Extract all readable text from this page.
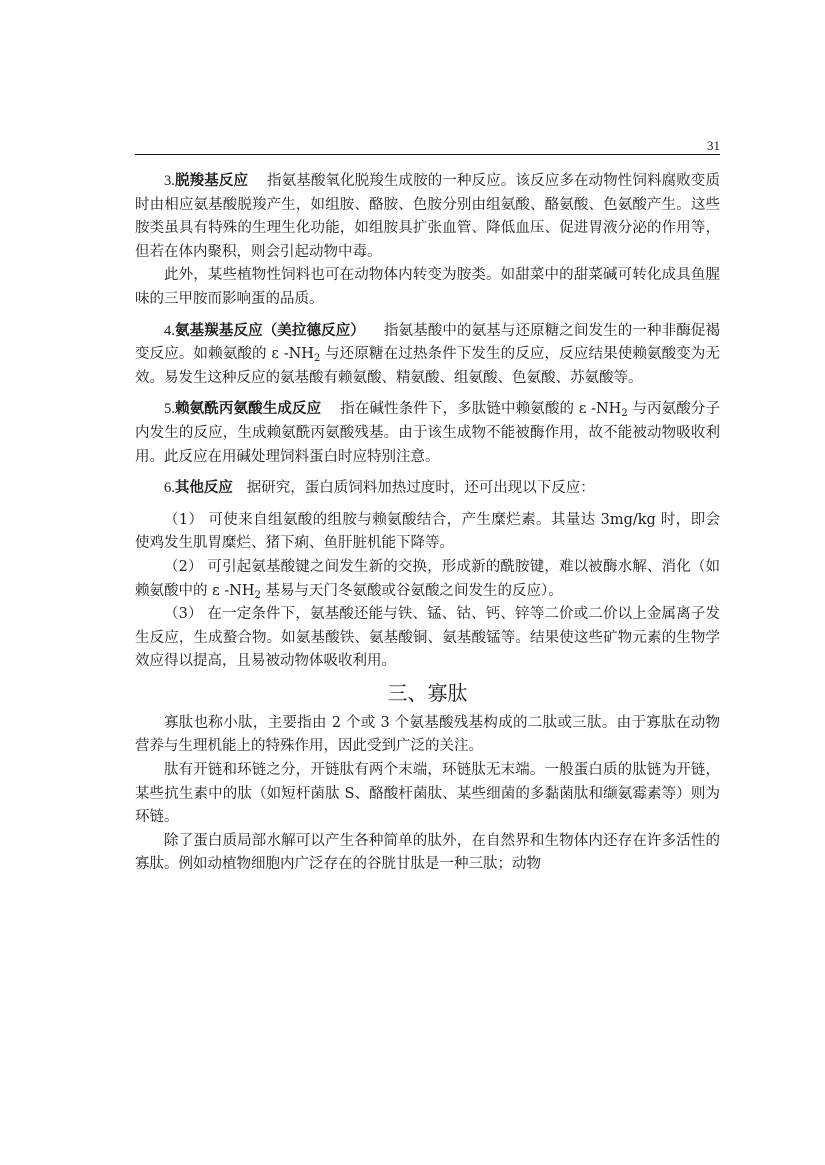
31

3.脱羧基反应 指氨基酸氧化脱羧生成胺的一种反应。该反应多在动物性饲料腐败变质时由相应氨基酸脱羧产生，如组胺、酪胺、色胺分别由组氨酸、酪氨酸、色氨酸产生。这些胺类虽具有特殊的生理生化功能，如组胺具扩张血管、降低血压、促进胃液分泌的作用等，但若在体内聚积，则会引起动物中毒。

此外，某些植物性饲料也可在动物体内转变为胺类。如甜菜中的甜菜碱可转化成具鱼腥味的三甲胺而影响蛋的品质。

4.氨基羰基反应（美拉德反应） 指氨基酸中的氨基与还原糖之间发生的一种非酶促褐变反应。如赖氨酸的 ε $-NH_2$ 与还原糖在过热条件下发生的反应，反应结果使赖氨酸变为无效。易发生这种反应的氨基酸有赖氨酸、精氨酸、组氨酸、色氨酸、苏氨酸等。

5.赖氨酰丙氨酸生成反应 指在碱性条件下，多肽链中赖氨酸的 ε $-NH_2$ 与丙氨酸分子内发生的反应，生成赖氨酰丙氨酸残基。由于该生成物不能被酶作用，故不能被动物吸收利用。此反应在用碱处理饲料蛋白时应特别注意。

6.其他反应 据研究，蛋白质饲料加热过度时，还可出现以下反应：

（1） 可使来自组氨酸的组胺与赖氨酸结合，产生糜烂素。其量达 3mg/kg 时，即会使鸡发生肌胃糜烂、猪下痢、鱼肝脏机能下降等。

（2） 可引起氨基酸键之间发生新的交换，形成新的酰胺键，难以被酶水解、消化（如赖氨酸中的 ε $-NH_2$ 基易与天门冬氨酸或谷氨酸之间发生的反应）。

（3） 在一定条件下，氨基酸还能与铁、锰、钴、钙、锌等二价或二价以上金属离子发生反应，生成螯合物。如氨基酸铁、氨基酸铜、氨基酸锰等。结果使这些矿物元素的生物学效应得以提高，且易被动物体吸收利用。

三、寡肽

寡肽也称小肽，主要指由 2 个或 3 个氨基酸残基构成的二肽或三肽。由于寡肽在动物营养与生理机能上的特殊作用，因此受到广泛的关注。

肽有开链和环链之分，开链肽有两个末端，环链肽无末端。一般蛋白质的肽链为开链，某些抗生素中的肽（如短杆菌肽 S、酪酸杆菌肽、某些细菌的多黏菌肽和缬氨霉素等）则为环链。

除了蛋白质局部水解可以产生各种简单的肽外，在自然界和生物体内还存在许多活性的寡肽。例如动植物细胞内广泛存在的谷胱甘肽是一种三肽；动物
